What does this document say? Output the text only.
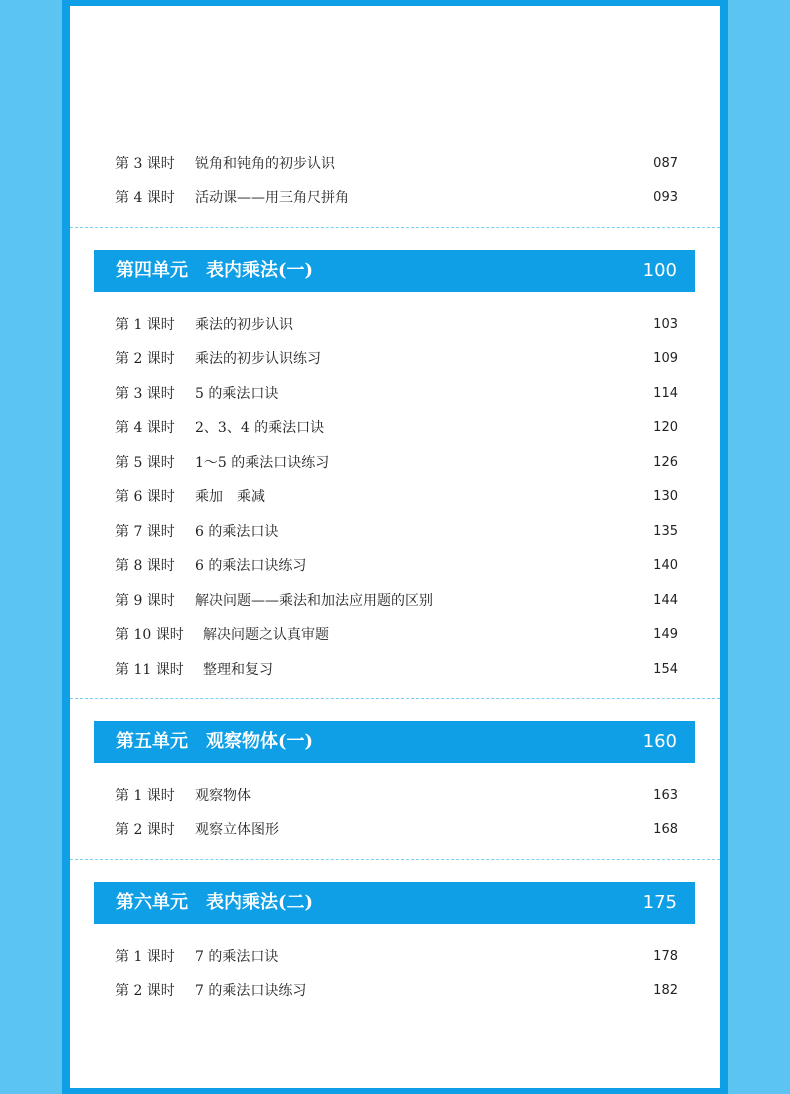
第 3 课时 锐角和钝角的初步认识	087
第 4 课时 活动课——用三角尺拼角	093
第四单元　表内乘法(一)	100
第 1 课时 乘法的初步认识	103
第 2 课时 乘法的初步认识练习	109
第 3 课时 5 的乘法口诀	114
第 4 课时 2、3、4 的乘法口诀	120
第 5 课时 1～5 的乘法口诀练习	126
第 6 课时 乘加　乘减	130
第 7 课时 6 的乘法口诀	135
第 8 课时 6 的乘法口诀练习	140
第 9 课时 解决问题——乘法和加法应用题的区别	144
第 10 课时 解决问题之认真审题	149
第 11 课时 整理和复习	154
第五单元　观察物体(一)	160
第 1 课时 观察物体	163
第 2 课时 观察立体图形	168
第六单元　表内乘法(二)	175
第 1 课时 7 的乘法口诀	178
第 2 课时 7 的乘法口诀练习	182
